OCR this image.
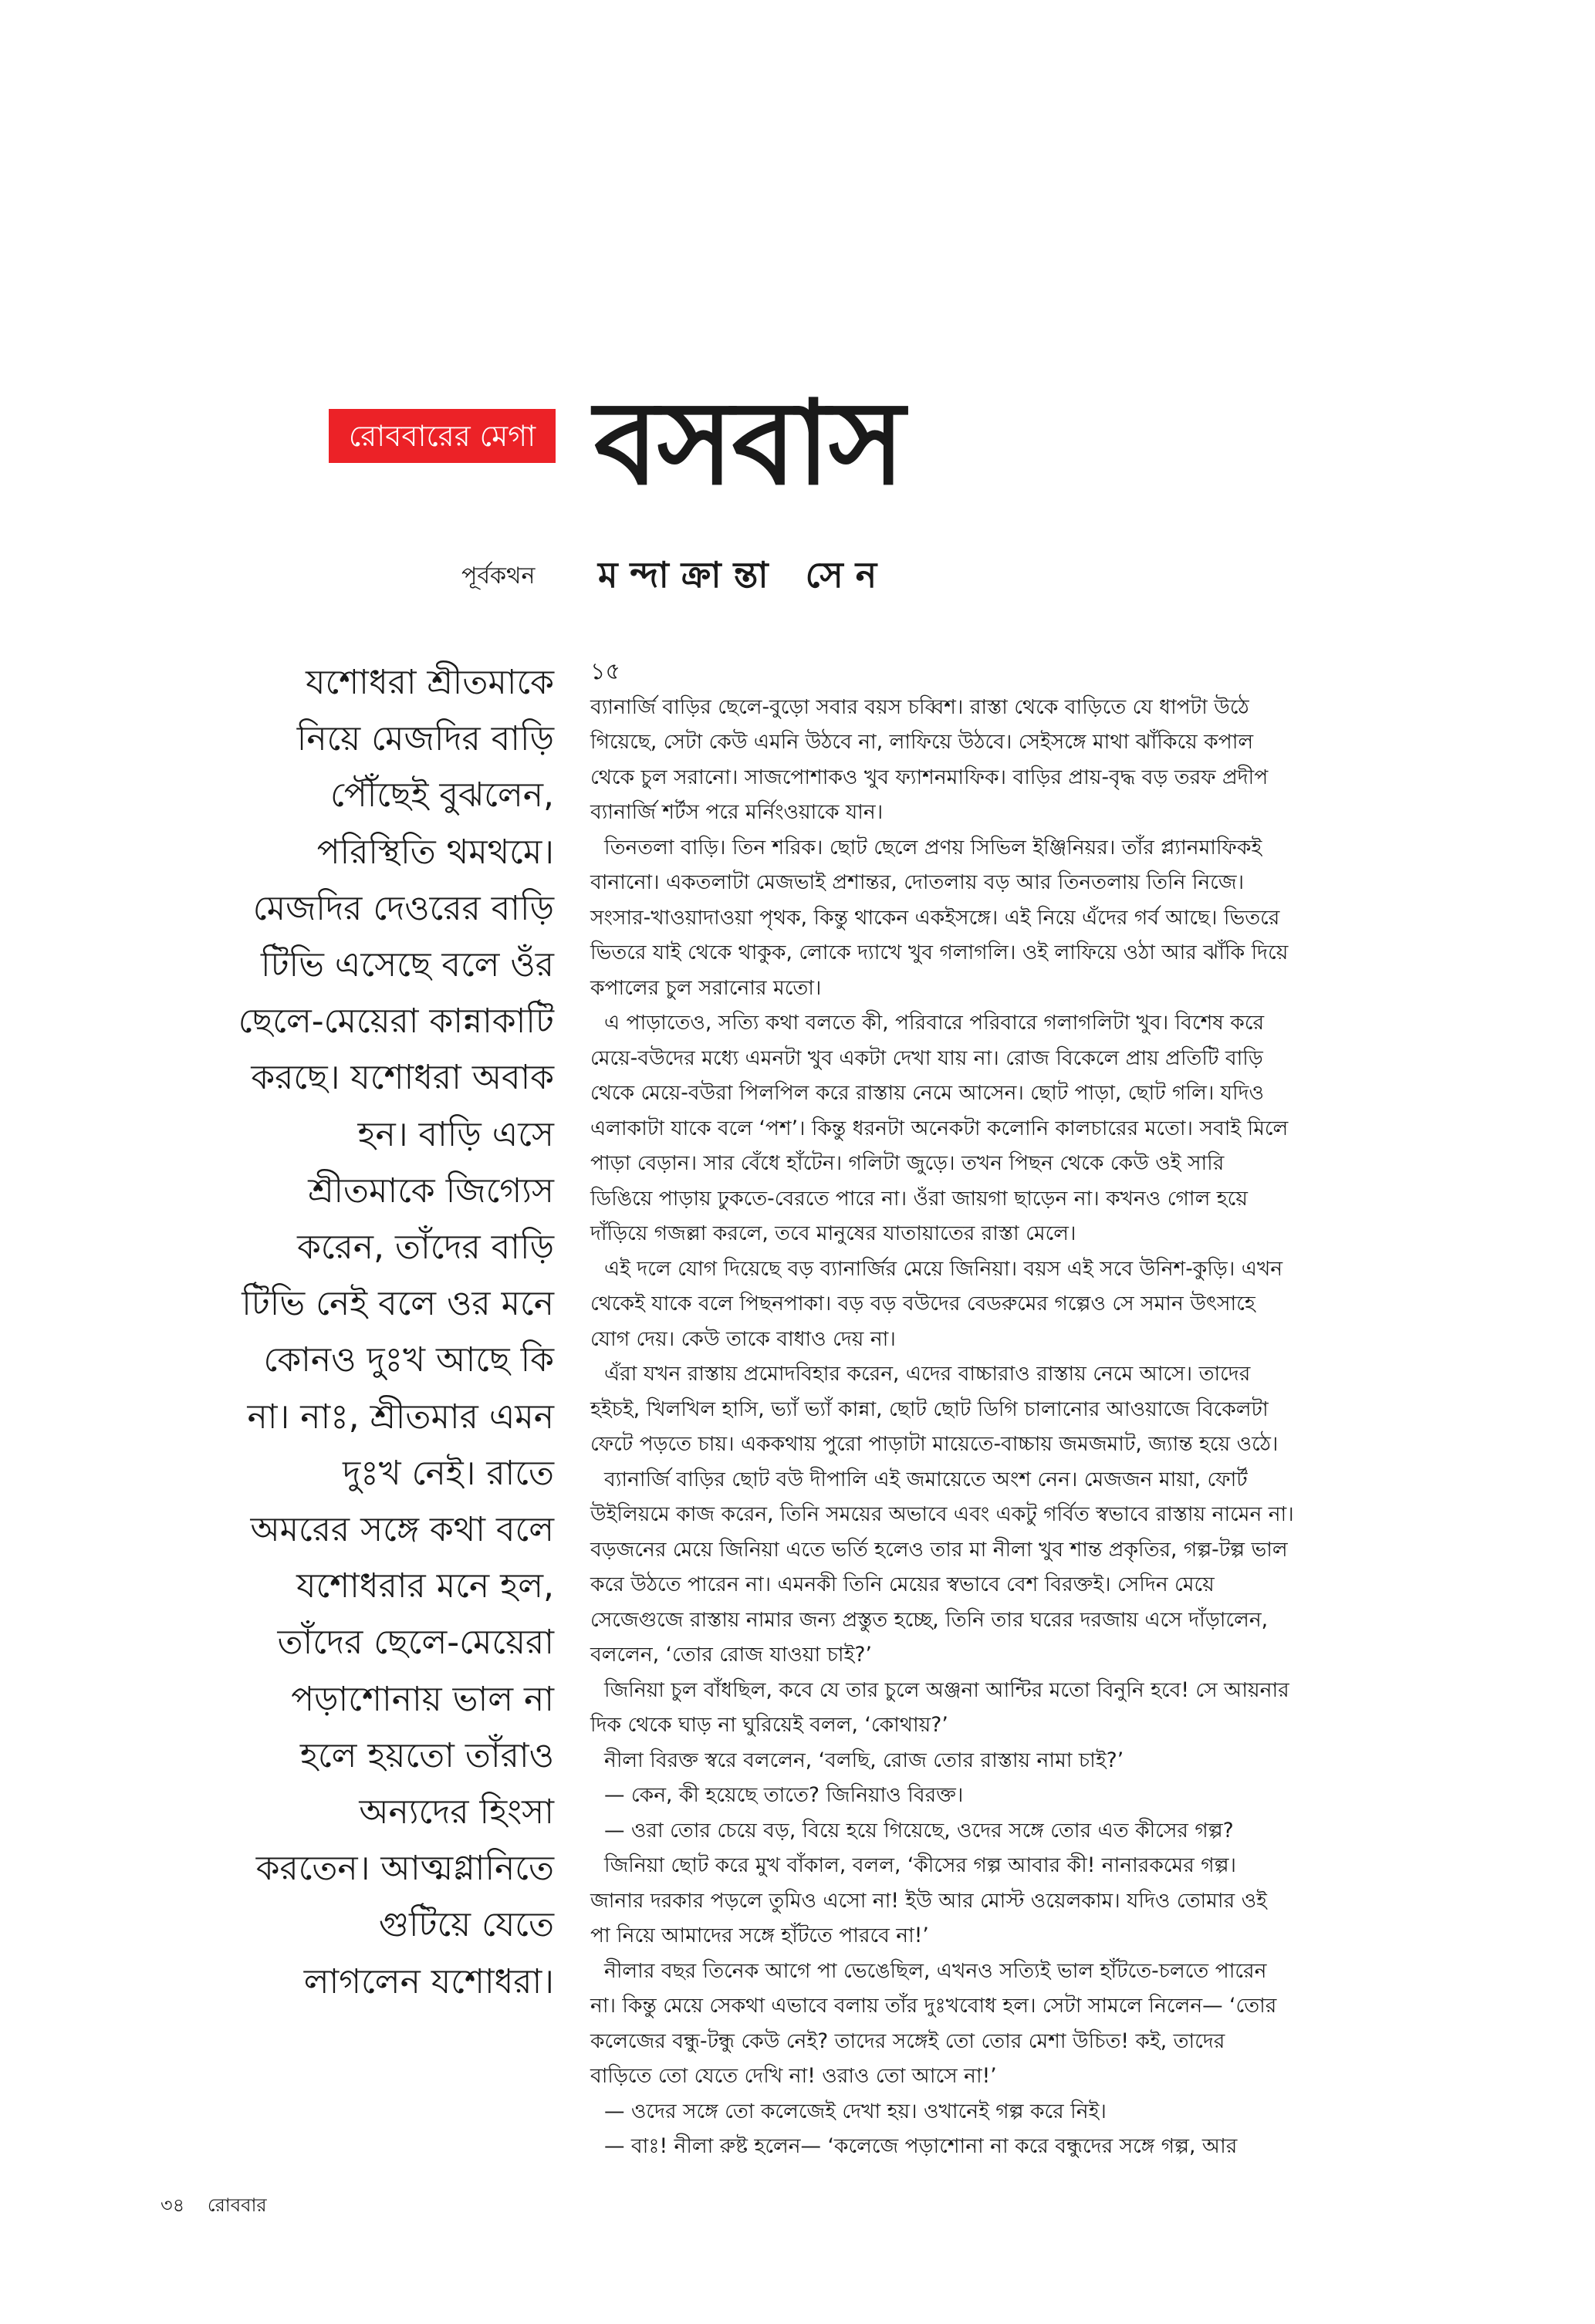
রোববারের মেগা বসবাস
পূর্বকথন মন্দাক্রান্তা সেন
যশোধরা শ্রীতমাকে
নিয়ে মেজদির বাড়ি
পৌঁছেই বুঝলেন,
পরিস্থিতি থমথমে।
মেজদির দেওরের বাড়ি
টিভি এসেছে বলে ওঁর
ছেলে-মেয়েরা কান্নাকাটি
করছে। যশোধরা অবাক
হন। বাড়ি এসে
শ্রীতমাকে জিগ্যেস
করেন, তাঁদের বাড়ি
টিভি নেই বলে ওর মনে
কোনও দুঃখ আছে কি
না। নাঃ, শ্রীতমার এমন
দুঃখ নেই। রাতে
অমরের সঙ্গে কথা বলে
যশোধরার মনে হল,
তাঁদের ছেলে-মেয়েরা
পড়াশোনায় ভাল না
হলে হয়তো তাঁরাও
অন্যদের হিংসা
করতেন। আত্মগ্লানিতে
গুটিয়ে যেতে
লাগলেন যশোধরা।
১৫
ব্যানার্জি বাড়ির ছেলে-বুড়ো সবার বয়স চব্বিশ। রাস্তা থেকে বাড়িতে যে ধাপটা উঠে
গিয়েছে, সেটা কেউ এমনি উঠবে না, লাফিয়ে উঠবে। সেইসঙ্গে মাথা ঝাঁকিয়ে কপাল
থেকে চুল সরানো। সাজপোশাকও খুব ফ্যাশনমাফিক। বাড়ির প্রায়-বৃদ্ধ বড় তরফ প্রদীপ
ব্যানার্জি শর্টস পরে মর্নিংওয়াকে যান।
তিনতলা বাড়ি। তিন শরিক। ছোট ছেলে প্রণয় সিভিল ইঞ্জিনিয়র। তাঁর প্ল্যানমাফিকই
বানানো। একতলাটা মেজভাই প্রশান্তর, দোতলায় বড় আর তিনতলায় তিনি নিজে।
সংসার-খাওয়াদাওয়া পৃথক, কিন্তু থাকেন একইসঙ্গে। এই নিয়ে এঁদের গর্ব আছে। ভিতরে
ভিতরে যাই থেকে থাকুক, লোকে দ্যাখে খুব গলাগলি। ওই লাফিয়ে ওঠা আর ঝাঁকি দিয়ে
কপালের চুল সরানোর মতো।
এ পাড়াতেও, সত্যি কথা বলতে কী, পরিবারে পরিবারে গলাগলিটা খুব। বিশেষ করে
মেয়ে-বউদের মধ্যে এমনটা খুব একটা দেখা যায় না। রোজ বিকেলে প্রায় প্রতিটি বাড়ি
থেকে মেয়ে-বউরা পিলপিল করে রাস্তায় নেমে আসেন। ছোট পাড়া, ছোট গলি। যদিও
এলাকাটা যাকে বলে ‘পশ’। কিন্তু ধরনটা অনেকটা কলোনি কালচারের মতো। সবাই মিলে
পাড়া বেড়ান। সার বেঁধে হাঁটেন। গলিটা জুড়ে। তখন পিছন থেকে কেউ ওই সারি
ডিঙিয়ে পাড়ায় ঢুকতে-বেরতে পারে না। ওঁরা জায়গা ছাড়েন না। কখনও গোল হয়ে
দাঁড়িয়ে গজল্লা করলে, তবে মানুষের যাতায়াতের রাস্তা মেলে।
এই দলে যোগ দিয়েছে বড় ব্যানার্জির মেয়ে জিনিয়া। বয়স এই সবে উনিশ-কুড়ি। এখন
থেকেই যাকে বলে পিছনপাকা। বড় বড় বউদের বেডরুমের গল্পেও সে সমান উৎসাহে
যোগ দেয়। কেউ তাকে বাধাও দেয় না।
এঁরা যখন রাস্তায় প্রমোদবিহার করেন, এদের বাচ্চারাও রাস্তায় নেমে আসে। তাদের
হইচই, খিলখিল হাসি, ভ্যাঁ ভ্যাঁ কান্না, ছোট ছোট ডিগি চালানোর আওয়াজে বিকেলটা
ফেটে পড়তে চায়। এককথায় পুরো পাড়াটা মায়েতে-বাচ্চায় জমজমাট, জ্যান্ত হয়ে ওঠে।
ব্যানার্জি বাড়ির ছোট বউ দীপালি এই জমায়েতে অংশ নেন। মেজজন মায়া, ফোর্ট
উইলিয়মে কাজ করেন, তিনি সময়ের অভাবে এবং একটু গর্বিত স্বভাবে রাস্তায় নামেন না।
বড়জনের মেয়ে জিনিয়া এতে ভর্তি হলেও তার মা নীলা খুব শান্ত প্রকৃতির, গল্প-টল্প ভাল
করে উঠতে পারেন না। এমনকী তিনি মেয়ের স্বভাবে বেশ বিরক্তই। সেদিন মেয়ে
সেজেগুজে রাস্তায় নামার জন্য প্রস্তুত হচ্ছে, তিনি তার ঘরের দরজায় এসে দাঁড়ালেন,
বললেন, ‘তোর রোজ যাওয়া চাই?’
জিনিয়া চুল বাঁধছিল, কবে যে তার চুলে অঞ্জনা আন্টির মতো বিনুনি হবে! সে আয়নার
দিক থেকে ঘাড় না ঘুরিয়েই বলল, ‘কোথায়?’
নীলা বিরক্ত স্বরে বললেন, ‘বলছি, রোজ তোর রাস্তায় নামা চাই?’
— কেন, কী হয়েছে তাতে? জিনিয়াও বিরক্ত।
— ওরা তোর চেয়ে বড়, বিয়ে হয়ে গিয়েছে, ওদের সঙ্গে তোর এত কীসের গল্প?
জিনিয়া ছোট করে মুখ বাঁকাল, বলল, ‘কীসের গল্প আবার কী! নানারকমের গল্প।
জানার দরকার পড়লে তুমিও এসো না! ইউ আর মোস্ট ওয়েলকাম। যদিও তোমার ওই
পা নিয়ে আমাদের সঙ্গে হাঁটতে পারবে না!’
নীলার বছর তিনেক আগে পা ভেঙেছিল, এখনও সত্যিই ভাল হাঁটতে-চলতে পারেন
না। কিন্তু মেয়ে সেকথা এভাবে বলায় তাঁর দুঃখবোধ হল। সেটা সামলে নিলেন— ‘তোর
কলেজের বন্ধু-টন্ধু কেউ নেই? তাদের সঙ্গেই তো তোর মেশা উচিত! কই, তাদের
বাড়িতে তো যেতে দেখি না! ওরাও তো আসে না!’
— ওদের সঙ্গে তো কলেজেই দেখা হয়। ওখানেই গল্প করে নিই।
— বাঃ! নীলা রুষ্ট হলেন— ‘কলেজে পড়াশোনা না করে বন্ধুদের সঙ্গে গল্প, আর
৩৪ রোববার
